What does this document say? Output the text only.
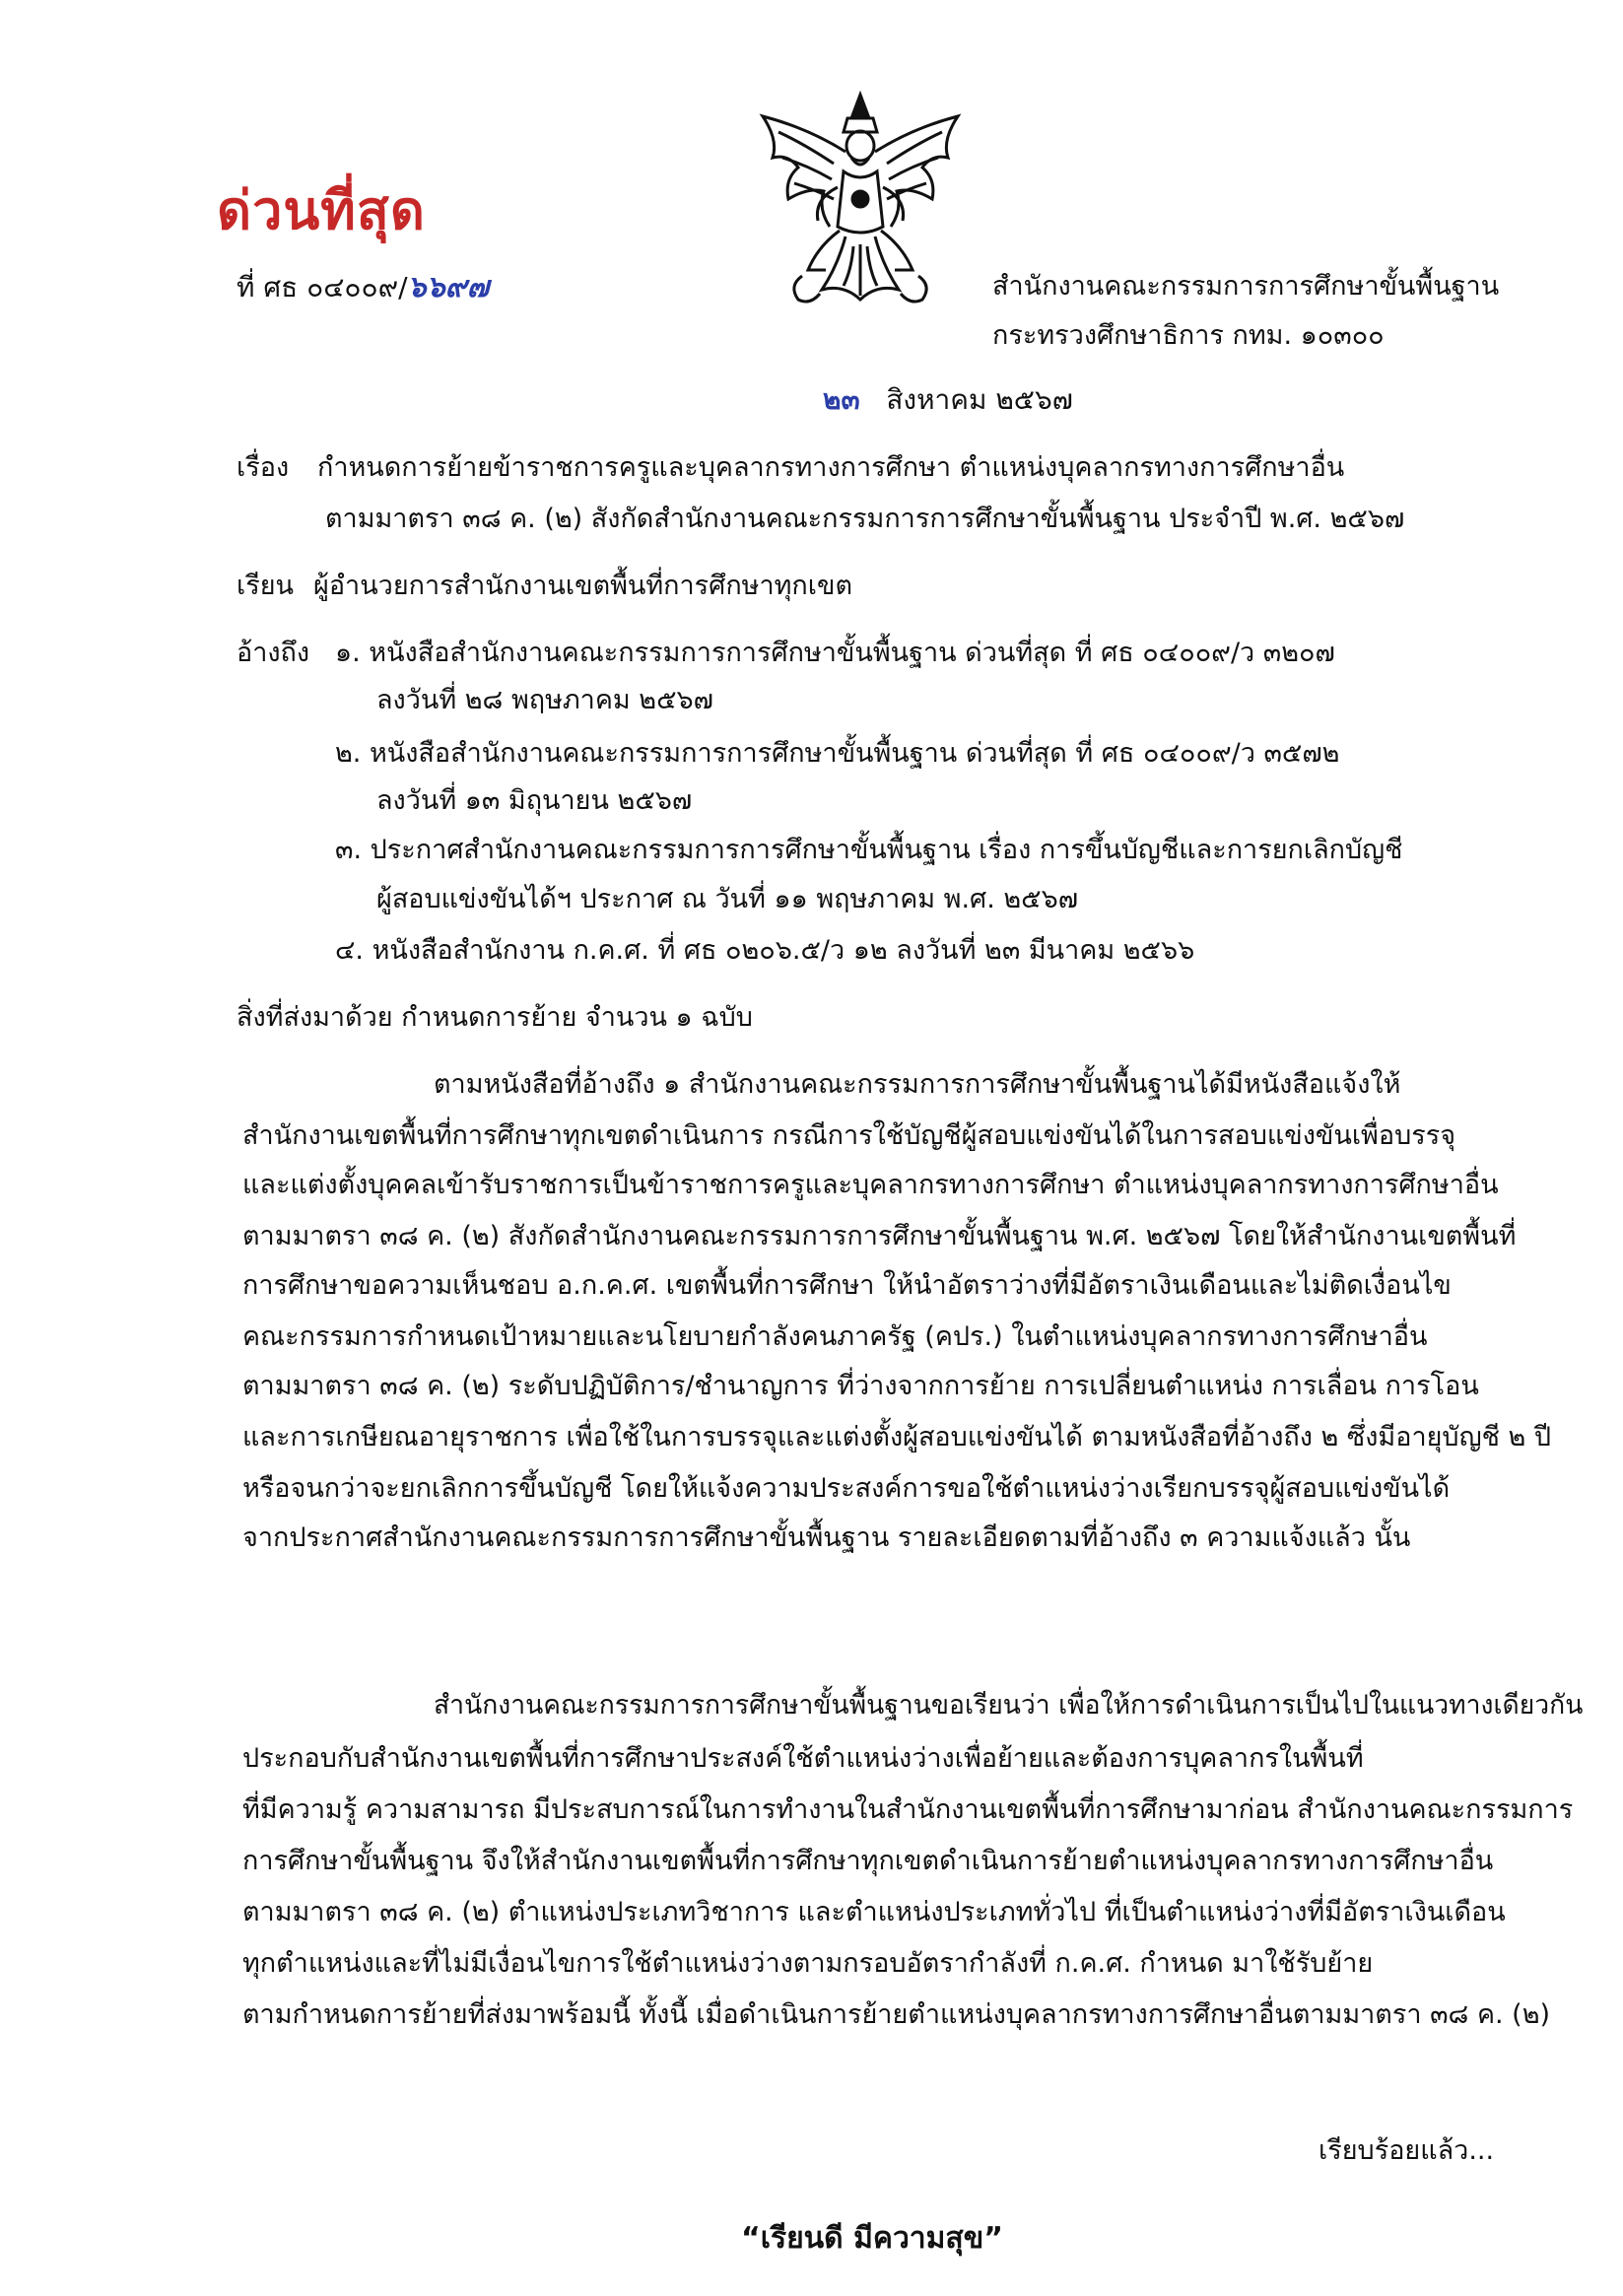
ด่วนที่สุด
ที่ ศธ ๐๔๐๐๙/๖๖๙๗	สำนักงานคณะกรรมการการศึกษาขั้นพื้นฐาน
กระทรวงศึกษาธิการ กทม. ๑๐๓๐๐
๒๓ สิงหาคม ๒๕๖๗
เรื่อง กำหนดการย้ายข้าราชการครูและบุคลากรทางการศึกษา ตำแหน่งบุคลากรทางการศึกษาอื่น
ตามมาตรา ๓๘ ค. (๒) สังกัดสำนักงานคณะกรรมการการศึกษาขั้นพื้นฐาน ประจำปี พ.ศ. ๒๕๖๗
เรียน ผู้อำนวยการสำนักงานเขตพื้นที่การศึกษาทุกเขต
อ้างถึง ๑. หนังสือสำนักงานคณะกรรมการการศึกษาขั้นพื้นฐาน ด่วนที่สุด ที่ ศธ ๐๔๐๐๙/ว ๓๒๐๗
ลงวันที่ ๒๘ พฤษภาคม ๒๕๖๗
๒. หนังสือสำนักงานคณะกรรมการการศึกษาขั้นพื้นฐาน ด่วนที่สุด ที่ ศธ ๐๔๐๐๙/ว ๓๕๗๒
ลงวันที่ ๑๓ มิถุนายน ๒๕๖๗
๓. ประกาศสำนักงานคณะกรรมการการศึกษาขั้นพื้นฐาน เรื่อง การขึ้นบัญชีและการยกเลิกบัญชี
ผู้สอบแข่งขันได้ฯ ประกาศ ณ วันที่ ๑๑ พฤษภาคม พ.ศ. ๒๕๖๗
๔. หนังสือสำนักงาน ก.ค.ศ. ที่ ศธ ๐๒๐๖.๕/ว ๑๒ ลงวันที่ ๒๓ มีนาคม ๒๕๖๖
สิ่งที่ส่งมาด้วย กำหนดการย้าย จำนวน ๑ ฉบับ
ตามหนังสือที่อ้างถึง ๑ สำนักงานคณะกรรมการการศึกษาขั้นพื้นฐานได้มีหนังสือแจ้งให้
สำนักงานเขตพื้นที่การศึกษาทุกเขตดำเนินการ กรณีการใช้บัญชีผู้สอบแข่งขันได้ในการสอบแข่งขันเพื่อบรรจุ
และแต่งตั้งบุคคลเข้ารับราชการเป็นข้าราชการครูและบุคลากรทางการศึกษา ตำแหน่งบุคลากรทางการศึกษาอื่น
ตามมาตรา ๓๘ ค. (๒) สังกัดสำนักงานคณะกรรมการการศึกษาขั้นพื้นฐาน พ.ศ. ๒๕๖๗ โดยให้สำนักงานเขตพื้นที่
การศึกษาขอความเห็นชอบ อ.ก.ค.ศ. เขตพื้นที่การศึกษา ให้นำอัตราว่างที่มีอัตราเงินเดือนและไม่ติดเงื่อนไข
คณะกรรมการกำหนดเป้าหมายและนโยบายกำลังคนภาครัฐ (คปร.) ในตำแหน่งบุคลากรทางการศึกษาอื่น
ตามมาตรา ๓๘ ค. (๒) ระดับปฏิบัติการ/ชำนาญการ ที่ว่างจากการย้าย การเปลี่ยนตำแหน่ง การเลื่อน การโอน
และการเกษียณอายุราชการ เพื่อใช้ในการบรรจุและแต่งตั้งผู้สอบแข่งขันได้ ตามหนังสือที่อ้างถึง ๒ ซึ่งมีอายุบัญชี ๒ ปี
หรือจนกว่าจะยกเลิกการขึ้นบัญชี โดยให้แจ้งความประสงค์การขอใช้ตำแหน่งว่างเรียกบรรจุผู้สอบแข่งขันได้
จากประกาศสำนักงานคณะกรรมการการศึกษาขั้นพื้นฐาน รายละเอียดตามที่อ้างถึง ๓ ความแจ้งแล้ว นั้น
สำนักงานคณะกรรมการการศึกษาขั้นพื้นฐานขอเรียนว่า เพื่อให้การดำเนินการเป็นไปในแนวทางเดียวกัน
ประกอบกับสำนักงานเขตพื้นที่การศึกษาประสงค์ใช้ตำแหน่งว่างเพื่อย้ายและต้องการบุคลากรในพื้นที่
ที่มีความรู้ ความสามารถ มีประสบการณ์ในการทำงานในสำนักงานเขตพื้นที่การศึกษามาก่อน สำนักงานคณะกรรมการ
การศึกษาขั้นพื้นฐาน จึงให้สำนักงานเขตพื้นที่การศึกษาทุกเขตดำเนินการย้ายตำแหน่งบุคลากรทางการศึกษาอื่น
ตามมาตรา ๓๘ ค. (๒) ตำแหน่งประเภทวิชาการ และตำแหน่งประเภททั่วไป ที่เป็นตำแหน่งว่างที่มีอัตราเงินเดือน
ทุกตำแหน่งและที่ไม่มีเงื่อนไขการใช้ตำแหน่งว่างตามกรอบอัตรากำลังที่ ก.ค.ศ. กำหนด มาใช้รับย้าย
ตามกำหนดการย้ายที่ส่งมาพร้อมนี้ ทั้งนี้ เมื่อดำเนินการย้ายตำแหน่งบุคลากรทางการศึกษาอื่นตามมาตรา ๓๘ ค. (๒)
เรียบร้อยแล้ว...
“เรียนดี มีความสุข”
